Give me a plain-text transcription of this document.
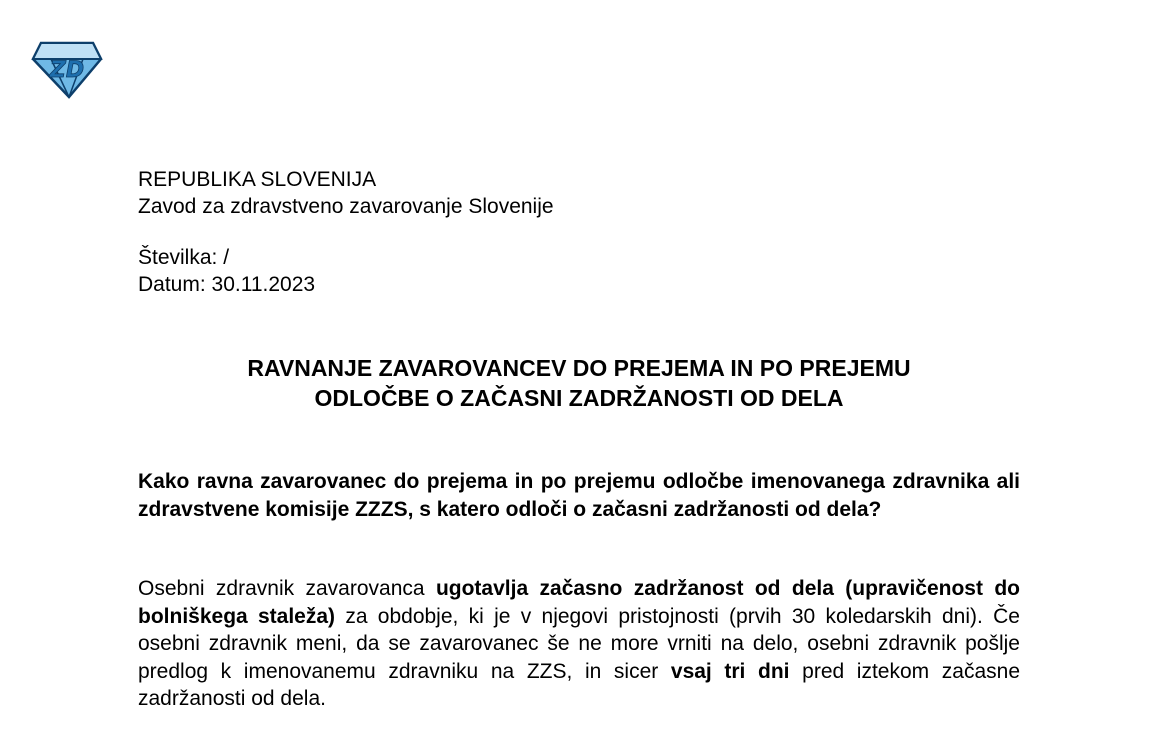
ZD
REPUBLIKA SLOVENIJA
Zavod za zdravstveno zavarovanje Slovenije
Številka: /
Datum: 30.11.2023
RAVNANJE ZAVAROVANCEV DO PREJEMA IN PO PREJEMU
ODLOČBE O ZAČASNI ZADRŽANOSTI OD DELA

Kako ravna zavarovanec do prejema in po prejemu odločbe imenovanega zdravnika ali zdravstvene komisije ZZZS, s katero odloči o začasni zadržanosti od dela?

Osebni zdravnik zavarovanca ugotavlja začasno zadržanost od dela (upravičenost do bolniškega staleža) za obdobje, ki je v njegovi pristojnosti (prvih 30 koledarskih dni). Če osebni zdravnik meni, da se zavarovanec še ne more vrniti na delo, osebni zdravnik pošlje predlog k imenovanemu zdravniku na ZZS, in sicer vsaj tri dni pred iztekom začasne zadržanosti od dela.
